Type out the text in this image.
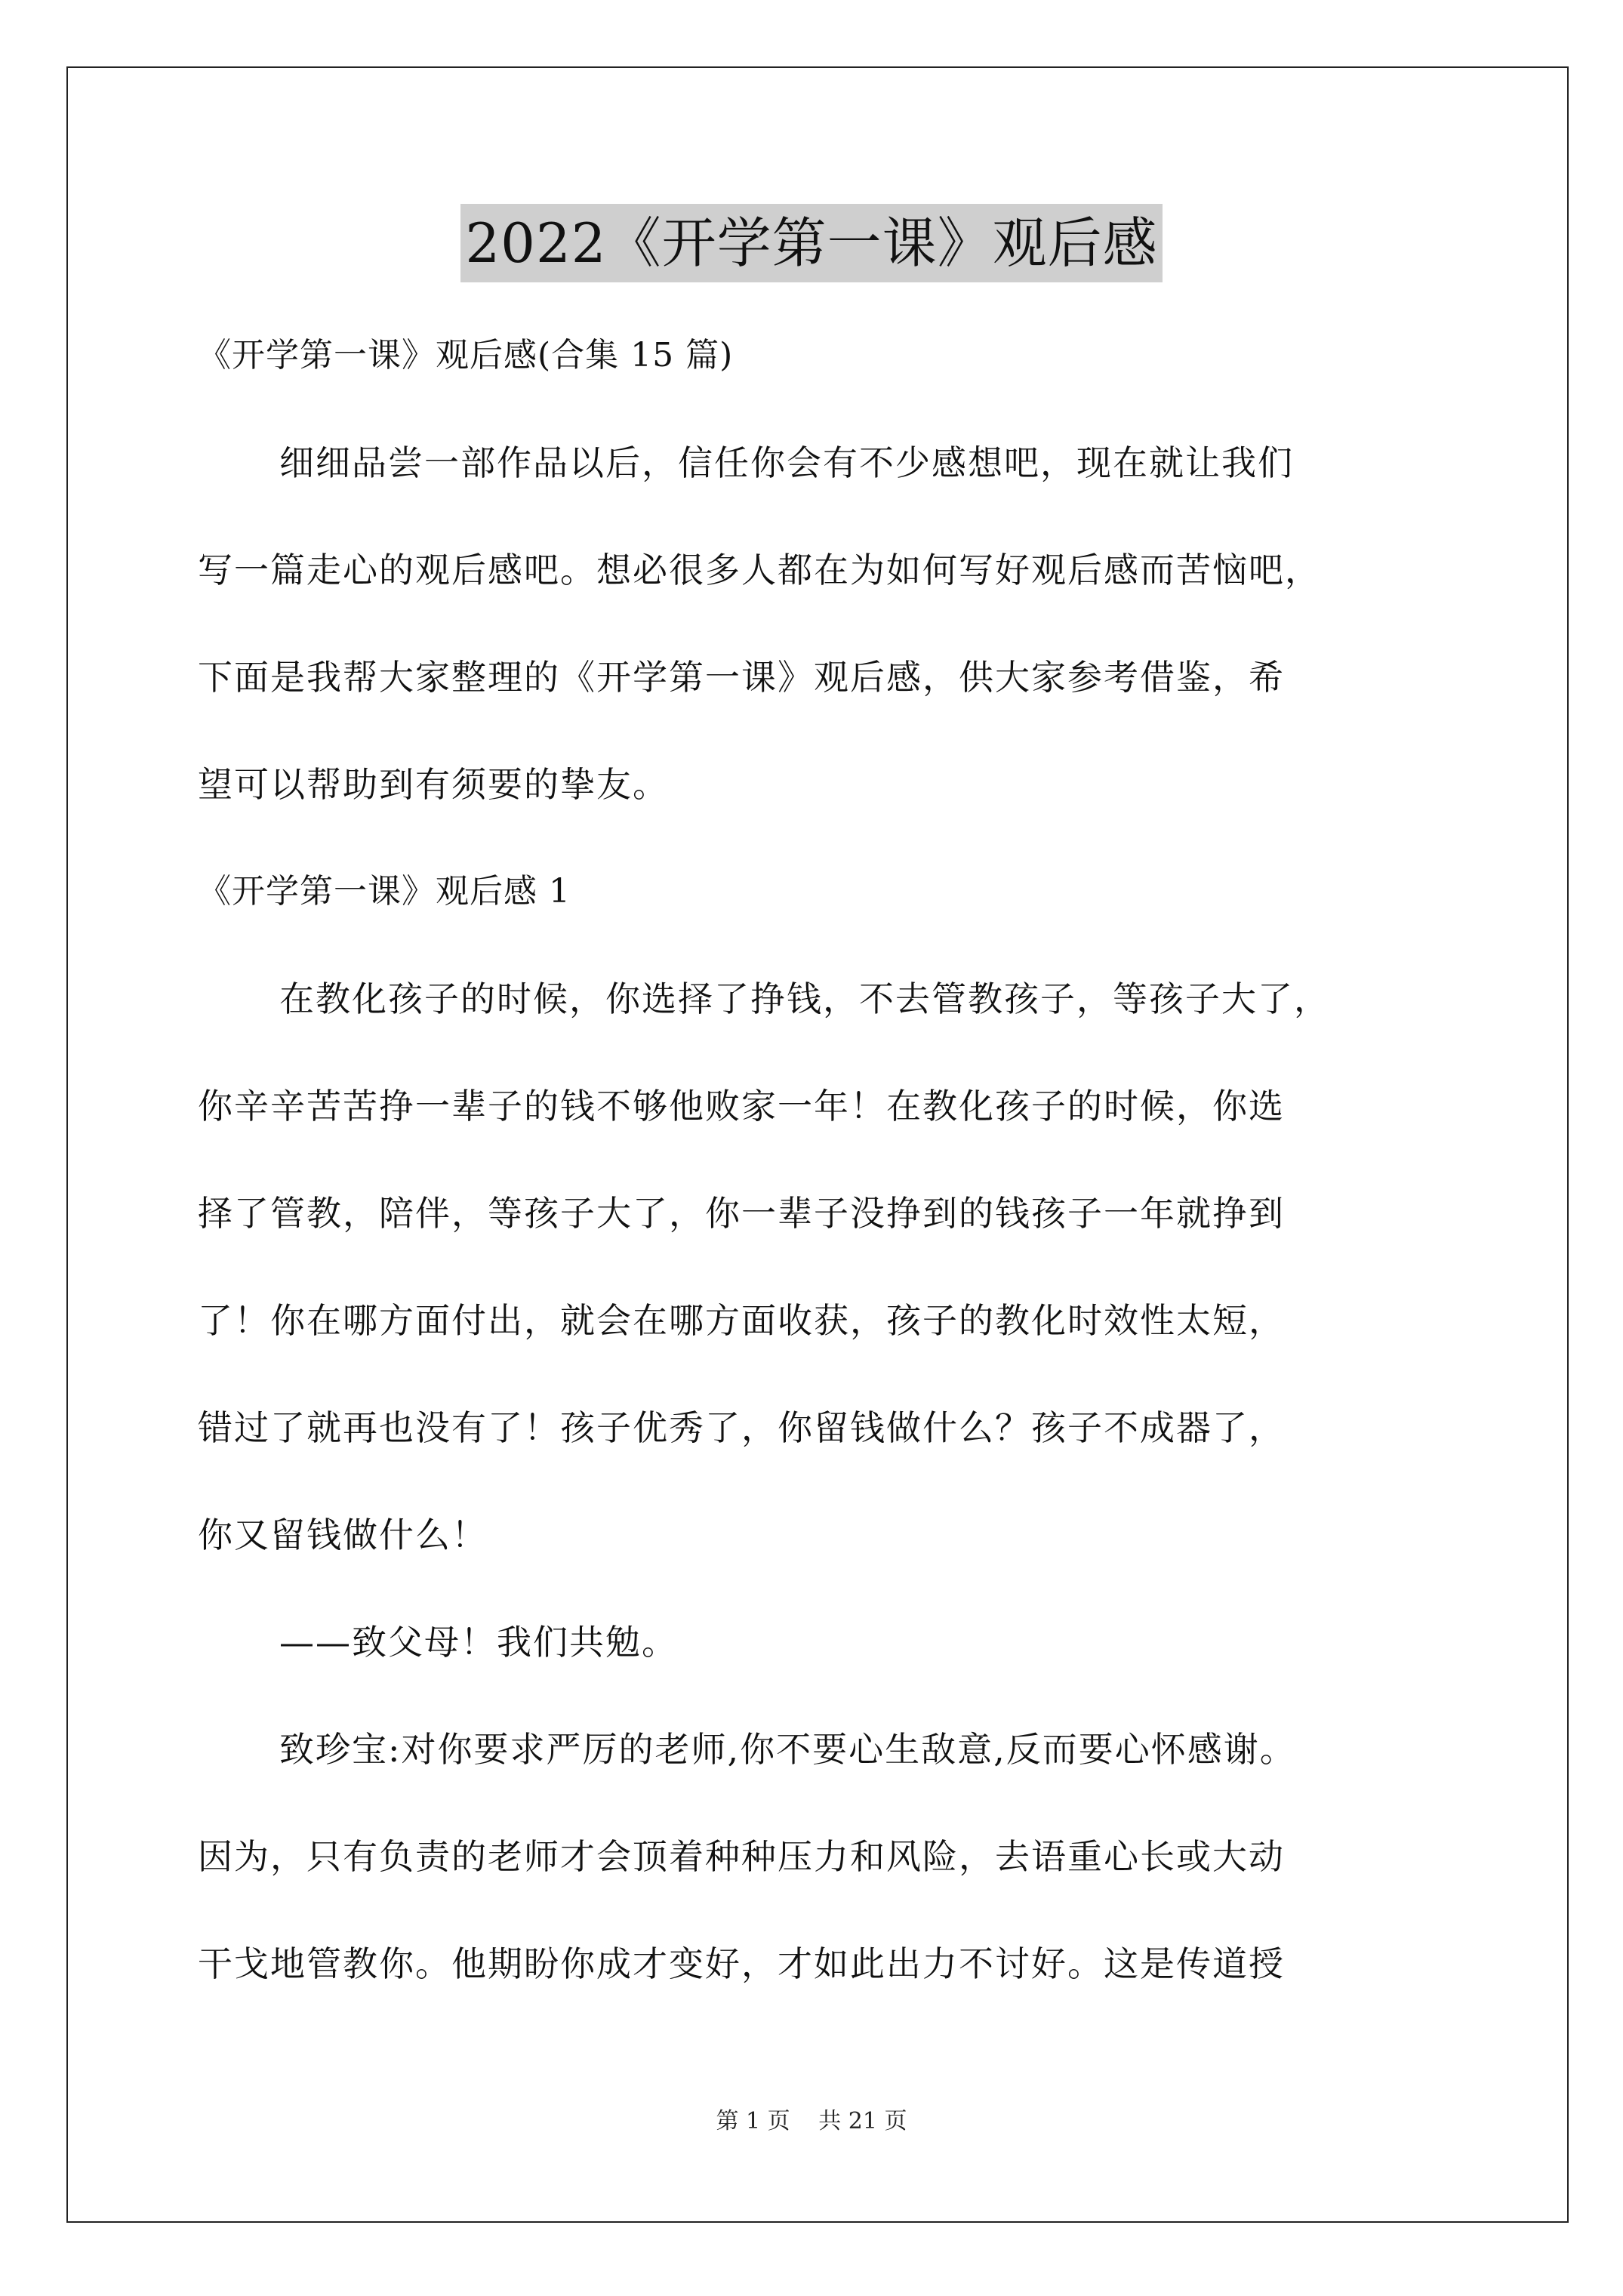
2022《开学第一课》观后感
《开学第一课》观后感(合集 15 篇)
细细品尝一部作品以后，信任你会有不少感想吧，现在就让我们
写一篇走心的观后感吧。想必很多人都在为如何写好观后感而苦恼吧，
下面是我帮大家整理的《开学第一课》观后感，供大家参考借鉴，希
望可以帮助到有须要的挚友。
《开学第一课》观后感 1
在教化孩子的时候，你选择了挣钱，不去管教孩子，等孩子大了，
你辛辛苦苦挣一辈子的钱不够他败家一年！在教化孩子的时候，你选
择了管教，陪伴，等孩子大了，你一辈子没挣到的钱孩子一年就挣到
了！你在哪方面付出，就会在哪方面收获，孩子的教化时效性太短，
错过了就再也没有了！孩子优秀了，你留钱做什么？孩子不成器了，
你又留钱做什么！
——致父母！我们共勉。
致珍宝:对你要求严厉的老师,你不要心生敌意,反而要心怀感谢。
因为，只有负责的老师才会顶着种种压力和风险，去语重心长或大动
干戈地管教你。他期盼你成才变好，才如此出力不讨好。这是传道授
第 1 页 共 21 页
